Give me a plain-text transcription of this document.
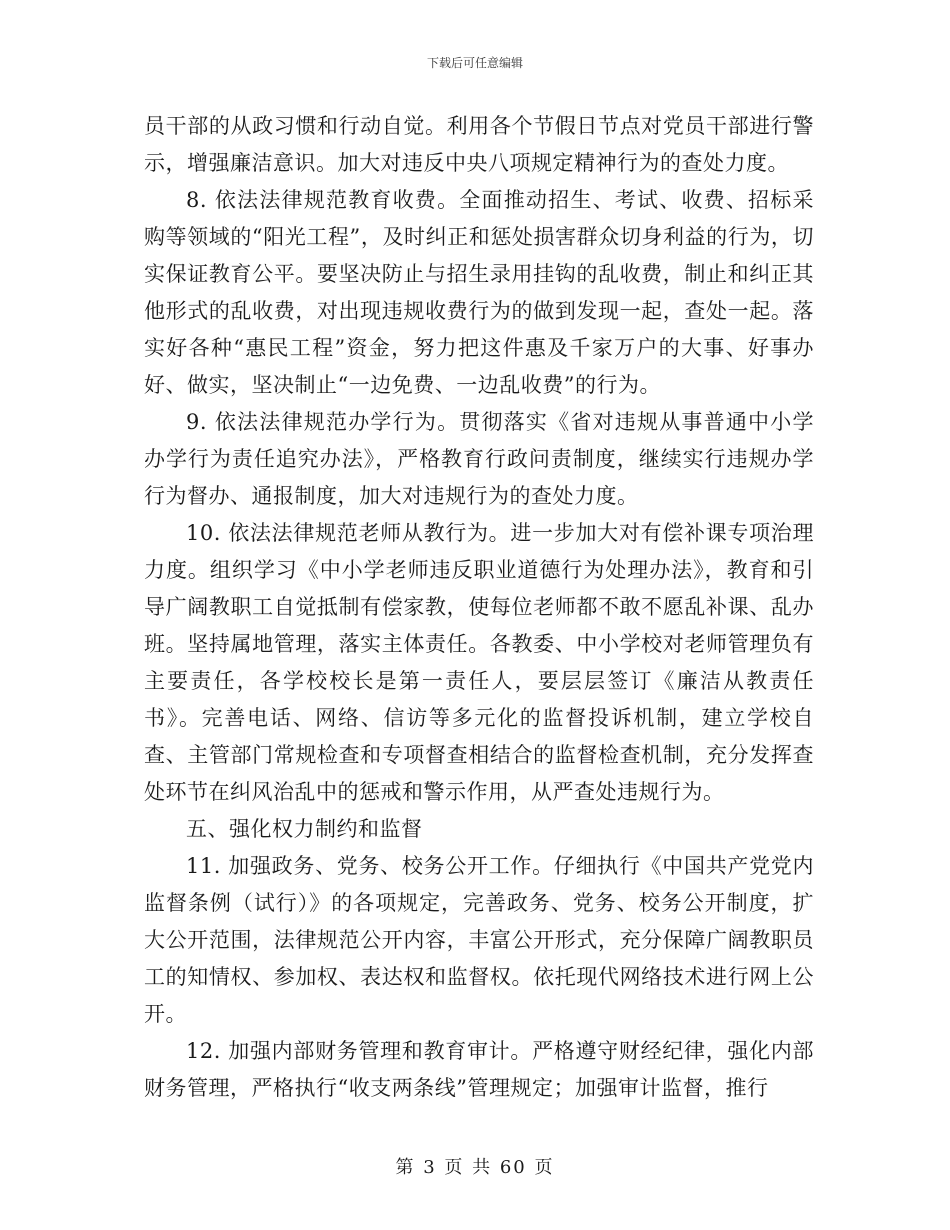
下载后可任意编辑

员干部的从政习惯和行动自觉。利用各个节假日节点对党员干部进行警示，增强廉洁意识。加大对违反中央八项规定精神行为的查处力度。

8. 依法法律规范教育收费。全面推动招生、考试、收费、招标采购等领域的“阳光工程”，及时纠正和惩处损害群众切身利益的行为，切实保证教育公平。要坚决防止与招生录用挂钩的乱收费，制止和纠正其他形式的乱收费，对出现违规收费行为的做到发现一起，查处一起。落实好各种“惠民工程”资金，努力把这件惠及千家万户的大事、好事办好、做实，坚决制止“一边免费、一边乱收费”的行为。

9. 依法法律规范办学行为。贯彻落实《省对违规从事普通中小学办学行为责任追究办法》，严格教育行政问责制度，继续实行违规办学行为督办、通报制度，加大对违规行为的查处力度。

10. 依法法律规范老师从教行为。进一步加大对有偿补课专项治理力度。组织学习《中小学老师违反职业道德行为处理办法》，教育和引导广阔教职工自觉抵制有偿家教，使每位老师都不敢不愿乱补课、乱办班。坚持属地管理，落实主体责任。各教委、中小学校对老师管理负有主要责任，各学校校长是第一责任人，要层层签订《廉洁从教责任书》。完善电话、网络、信访等多元化的监督投诉机制，建立学校自查、主管部门常规检查和专项督查相结合的监督检查机制，充分发挥查处环节在纠风治乱中的惩戒和警示作用，从严查处违规行为。

五、强化权力制约和监督

11. 加强政务、党务、校务公开工作。仔细执行《中国共产党党内监督条例（试行）》的各项规定，完善政务、党务、校务公开制度，扩大公开范围，法律规范公开内容，丰富公开形式，充分保障广阔教职员工的知情权、参加权、表达权和监督权。依托现代网络技术进行网上公开。

12. 加强内部财务管理和教育审计。严格遵守财经纪律，强化内部财务管理，严格执行“收支两条线”管理规定；加强审计监督，推行

第 3 页 共 60 页
